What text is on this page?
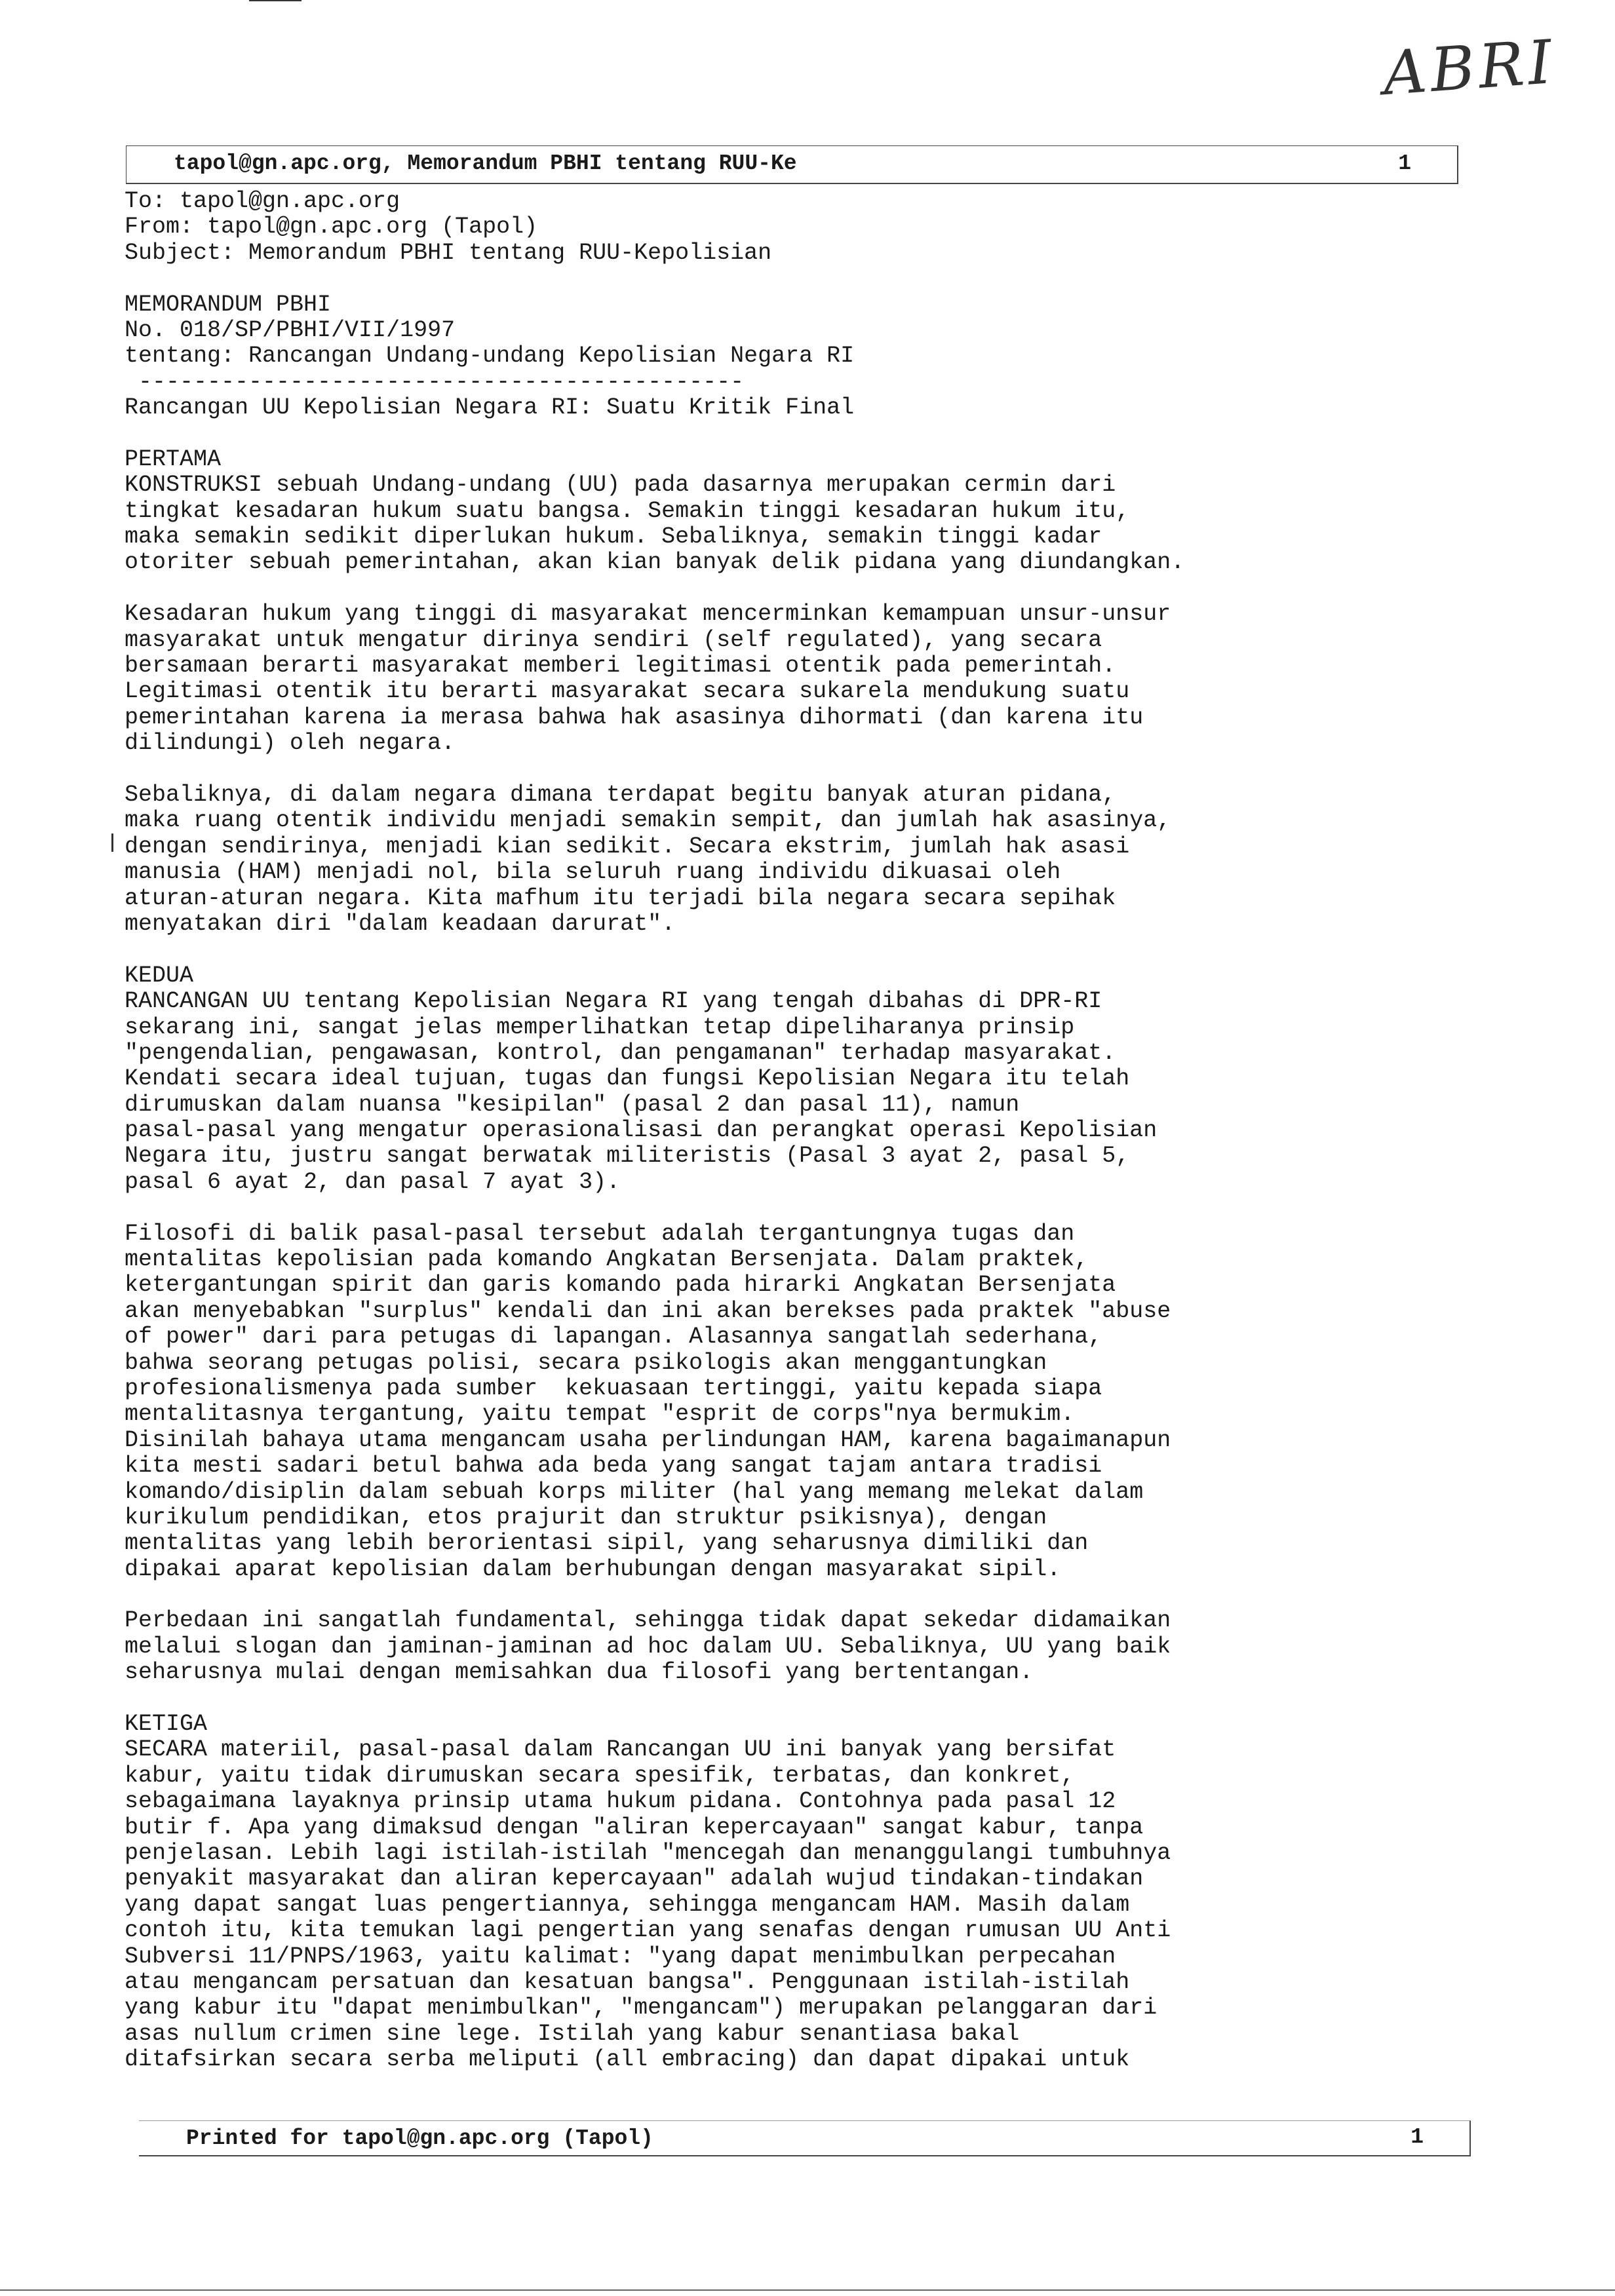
ABRI
tapol@gn.apc.org, Memorandum PBHI tentang RUU-Ke	1
To: tapol@gn.apc.org
From: tapol@gn.apc.org (Tapol)
Subject: Memorandum PBHI tentang RUU-Kepolisian
MEMORANDUM PBHI
No. 018/SP/PBHI/VII/1997
tentang: Rancangan Undang-undang Kepolisian Negara RI
--------------------------------------------
Rancangan UU Kepolisian Negara RI: Suatu Kritik Final
PERTAMA
KONSTRUKSI sebuah Undang-undang (UU) pada dasarnya merupakan cermin dari
tingkat kesadaran hukum suatu bangsa. Semakin tinggi kesadaran hukum itu,
maka semakin sedikit diperlukan hukum. Sebaliknya, semakin tinggi kadar
otoriter sebuah pemerintahan, akan kian banyak delik pidana yang diundangkan.
Kesadaran hukum yang tinggi di masyarakat mencerminkan kemampuan unsur-unsur
masyarakat untuk mengatur dirinya sendiri (self regulated), yang secara
bersamaan berarti masyarakat memberi legitimasi otentik pada pemerintah.
Legitimasi otentik itu berarti masyarakat secara sukarela mendukung suatu
pemerintahan karena ia merasa bahwa hak asasinya dihormati (dan karena itu
dilindungi) oleh negara.
Sebaliknya, di dalam negara dimana terdapat begitu banyak aturan pidana,
maka ruang otentik individu menjadi semakin sempit, dan jumlah hak asasinya,
dengan sendirinya, menjadi kian sedikit. Secara ekstrim, jumlah hak asasi
manusia (HAM) menjadi nol, bila seluruh ruang individu dikuasai oleh
aturan-aturan negara. Kita mafhum itu terjadi bila negara secara sepihak
menyatakan diri "dalam keadaan darurat".
KEDUA
RANCANGAN UU tentang Kepolisian Negara RI yang tengah dibahas di DPR-RI
sekarang ini, sangat jelas memperlihatkan tetap dipeliharanya prinsip
"pengendalian, pengawasan, kontrol, dan pengamanan" terhadap masyarakat.
Kendati secara ideal tujuan, tugas dan fungsi Kepolisian Negara itu telah
dirumuskan dalam nuansa "kesipilan" (pasal 2 dan pasal 11), namun
pasal-pasal yang mengatur operasionalisasi dan perangkat operasi Kepolisian
Negara itu, justru sangat berwatak militeristis (Pasal 3 ayat 2, pasal 5,
pasal 6 ayat 2, dan pasal 7 ayat 3).
Filosofi di balik pasal-pasal tersebut adalah tergantungnya tugas dan
mentalitas kepolisian pada komando Angkatan Bersenjata. Dalam praktek,
ketergantungan spirit dan garis komando pada hirarki Angkatan Bersenjata
akan menyebabkan "surplus" kendali dan ini akan berekses pada praktek "abuse
of power" dari para petugas di lapangan. Alasannya sangatlah sederhana,
bahwa seorang petugas polisi, secara psikologis akan menggantungkan
profesionalismenya pada sumber  kekuasaan tertinggi, yaitu kepada siapa
mentalitasnya tergantung, yaitu tempat "esprit de corps"nya bermukim.
Disinilah bahaya utama mengancam usaha perlindungan HAM, karena bagaimanapun
kita mesti sadari betul bahwa ada beda yang sangat tajam antara tradisi
komando/disiplin dalam sebuah korps militer (hal yang memang melekat dalam
kurikulum pendidikan, etos prajurit dan struktur psikisnya), dengan
mentalitas yang lebih berorientasi sipil, yang seharusnya dimiliki dan
dipakai aparat kepolisian dalam berhubungan dengan masyarakat sipil.
Perbedaan ini sangatlah fundamental, sehingga tidak dapat sekedar didamaikan
melalui slogan dan jaminan-jaminan ad hoc dalam UU. Sebaliknya, UU yang baik
seharusnya mulai dengan memisahkan dua filosofi yang bertentangan.
KETIGA
SECARA materiil, pasal-pasal dalam Rancangan UU ini banyak yang bersifat
kabur, yaitu tidak dirumuskan secara spesifik, terbatas, dan konkret,
sebagaimana layaknya prinsip utama hukum pidana. Contohnya pada pasal 12
butir f. Apa yang dimaksud dengan "aliran kepercayaan" sangat kabur, tanpa
penjelasan. Lebih lagi istilah-istilah "mencegah dan menanggulangi tumbuhnya
penyakit masyarakat dan aliran kepercayaan" adalah wujud tindakan-tindakan
yang dapat sangat luas pengertiannya, sehingga mengancam HAM. Masih dalam
contoh itu, kita temukan lagi pengertian yang senafas dengan rumusan UU Anti
Subversi 11/PNPS/1963, yaitu kalimat: "yang dapat menimbulkan perpecahan
atau mengancam persatuan dan kesatuan bangsa". Penggunaan istilah-istilah
yang kabur itu "dapat menimbulkan", "mengancam") merupakan pelanggaran dari
asas nullum crimen sine lege. Istilah yang kabur senantiasa bakal
ditafsirkan secara serba meliputi (all embracing) dan dapat dipakai untuk
Printed for tapol@gn.apc.org (Tapol)	1
